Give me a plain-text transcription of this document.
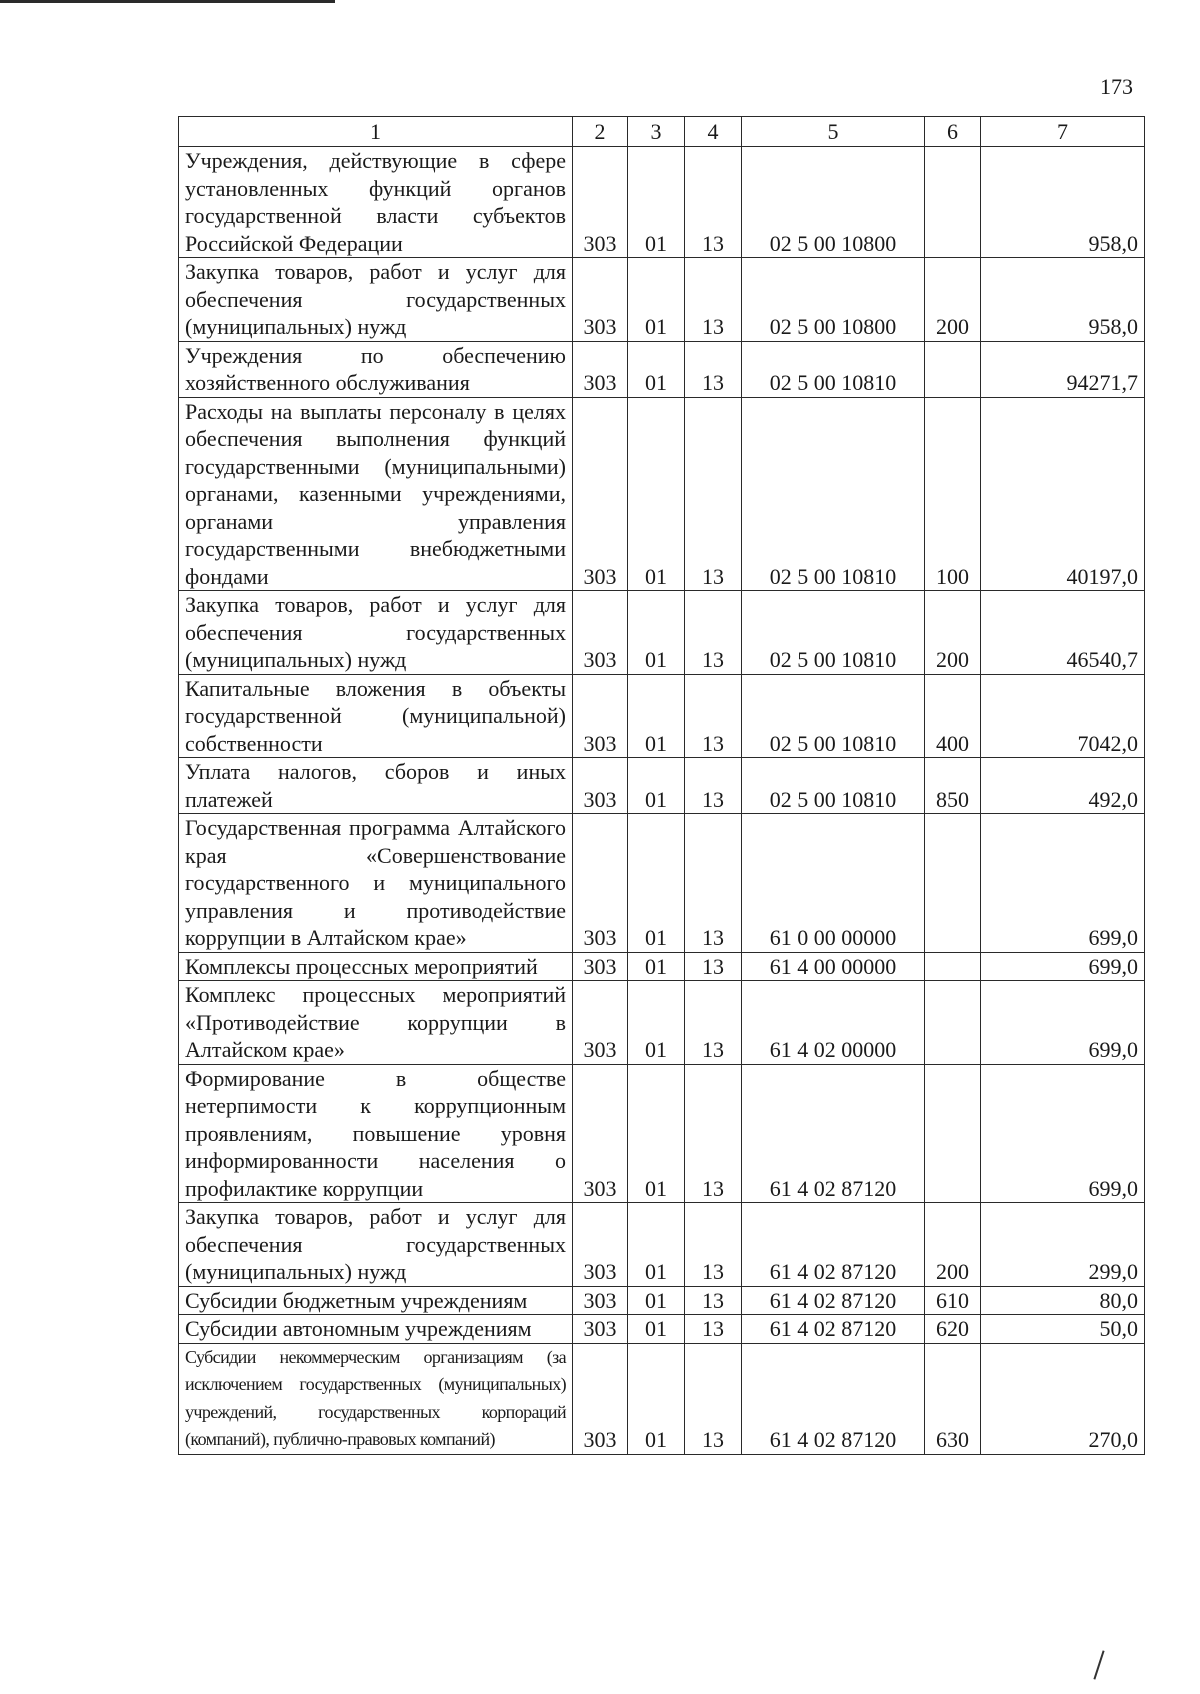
173
1	2	3	4	5	6	7
Учреждения, действующие в сфере установленных функций органов государственной власти субъектов Российской Федерации	303	01	13	02 5 00 10800		958,0
Закупка товаров, работ и услуг для обеспечения государственных (муниципальных) нужд	303	01	13	02 5 00 10800	200	958,0
Учреждения по обеспечению хозяйственного обслуживания	303	01	13	02 5 00 10810		94271,7
Расходы на выплаты персоналу в целях обеспечения выполнения функций государственными (муниципальными) органами, казенными учреждениями, органами управления государственными внебюджетными фондами	303	01	13	02 5 00 10810	100	40197,0
Закупка товаров, работ и услуг для обеспечения государственных (муниципальных) нужд	303	01	13	02 5 00 10810	200	46540,7
Капитальные вложения в объекты государственной (муниципальной) собственности	303	01	13	02 5 00 10810	400	7042,0
Уплата налогов, сборов и иных платежей	303	01	13	02 5 00 10810	850	492,0
Государственная программа Алтайского края «Совершенствование государственного и муниципального управления и противодействие коррупции в Алтайском крае»	303	01	13	61 0 00 00000		699,0
Комплексы процессных мероприятий	303	01	13	61 4 00 00000		699,0
Комплекс процессных мероприятий «Противодействие коррупции в Алтайском крае»	303	01	13	61 4 02 00000		699,0
Формирование в обществе нетерпимости к коррупционным проявлениям, повышение уровня информированности населения о профилактике коррупции	303	01	13	61 4 02 87120		699,0
Закупка товаров, работ и услуг для обеспечения государственных (муниципальных) нужд	303	01	13	61 4 02 87120	200	299,0
Субсидии бюджетным учреждениям	303	01	13	61 4 02 87120	610	80,0
Субсидии автономным учреждениям	303	01	13	61 4 02 87120	620	50,0
Субсидии некоммерческим организациям (за исключением государственных (муниципальных) учреждений, государственных корпораций (компаний), публично-правовых компаний)	303	01	13	61 4 02 87120	630	270,0
